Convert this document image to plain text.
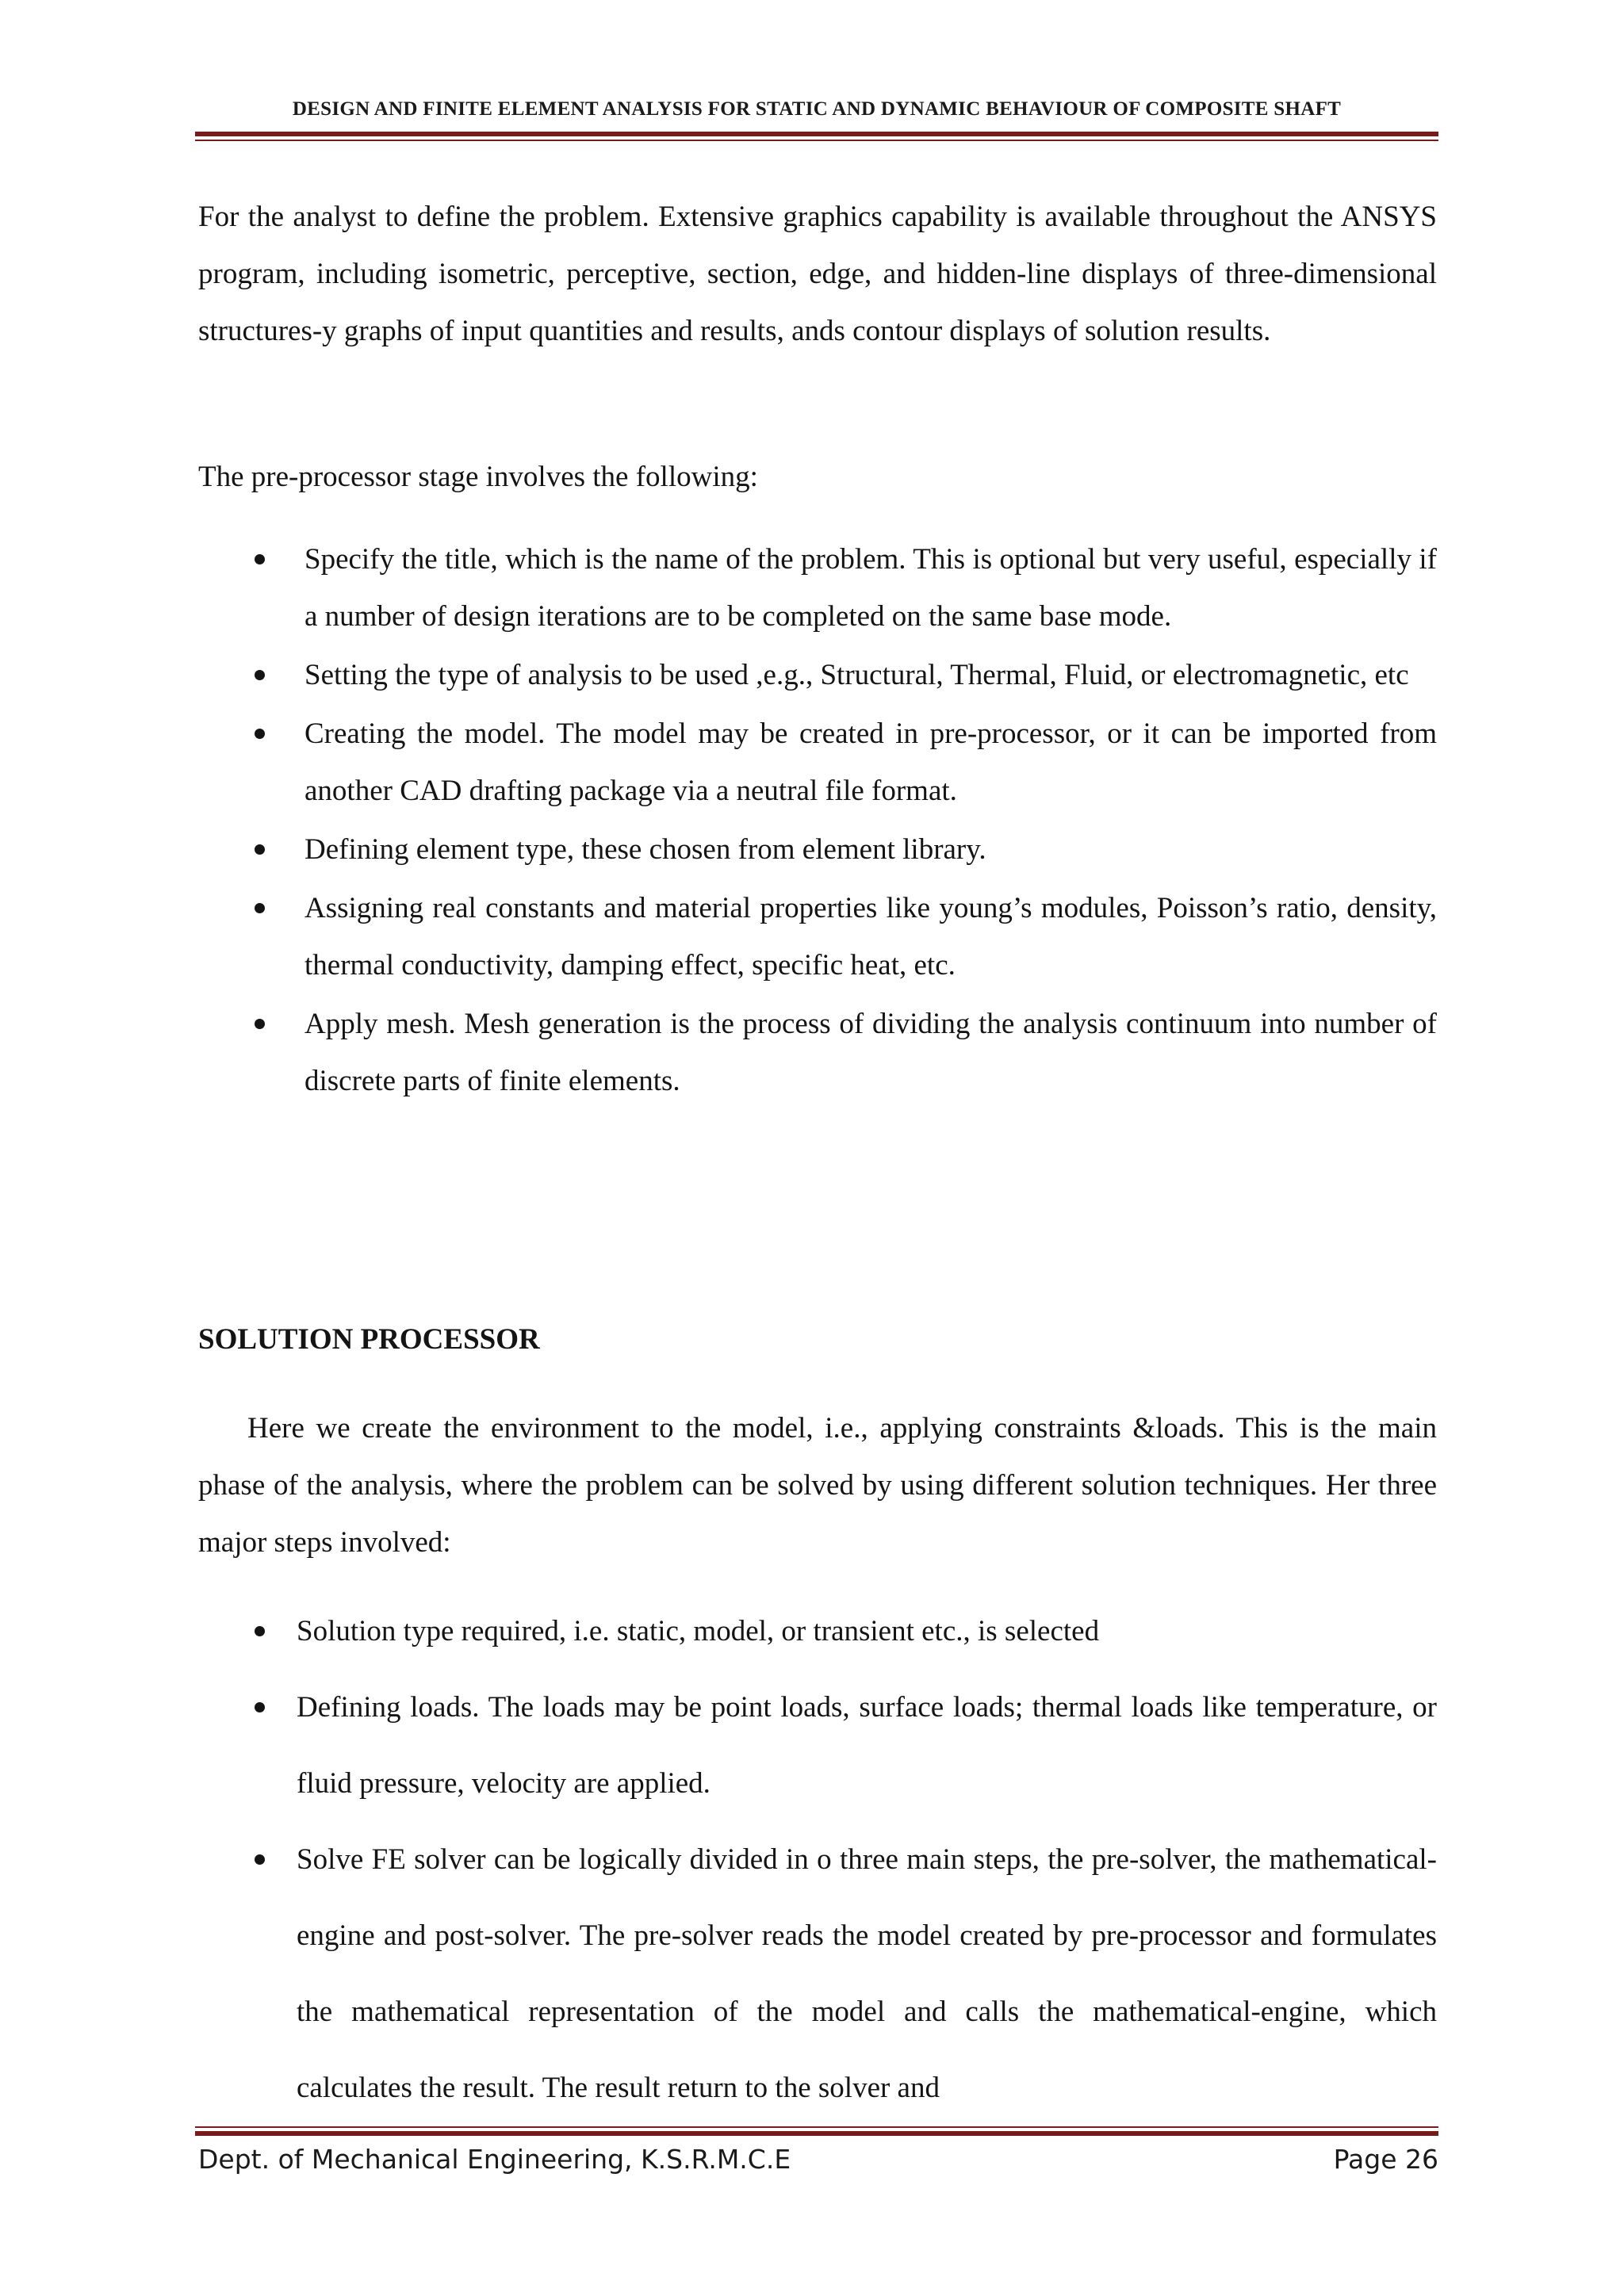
DESIGN AND FINITE ELEMENT ANALYSIS FOR STATIC AND DYNAMIC BEHAVIOUR OF COMPOSITE SHAFT

For the analyst to define the problem. Extensive graphics capability is available throughout the ANSYS program, including isometric, perceptive, section, edge, and hidden-line displays of three-dimensional structures-y graphs of input quantities and results, ands contour displays of solution results.

The pre-processor stage involves the following:

Specify the title, which is the name of the problem. This is optional but very useful, especially if a number of design iterations are to be completed on the same base mode.
Setting the type of analysis to be used ,e.g., Structural, Thermal, Fluid, or electromagnetic, etc
Creating the model. The model may be created in pre-processor, or it can be imported from another CAD drafting package via a neutral file format.
Defining element type, these chosen from element library.
Assigning real constants and material properties like young’s modules, Poisson’s ratio, density, thermal conductivity, damping effect, specific heat, etc.
Apply mesh. Mesh generation is the process of dividing the analysis continuum into number of discrete parts of finite elements.
SOLUTION PROCESSOR

Here we create the environment to the model, i.e., applying constraints &loads. This is the main phase of the analysis, where the problem can be solved by using different solution techniques. Her three major steps involved:

Solution type required, i.e. static, model, or transient etc., is selected
Defining loads. The loads may be point loads, surface loads; thermal loads like temperature, or fluid pressure, velocity are applied.
Solve FE solver can be logically divided in o three main steps, the pre-solver, the mathematical-engine and post-solver. The pre-solver reads the model created by pre-processor and formulates the mathematical representation of the model and calls the mathematical-engine, which calculates the result. The result return to the solver and
Dept. of Mechanical Engineering, K.S.R.M.C.E	Page 26
